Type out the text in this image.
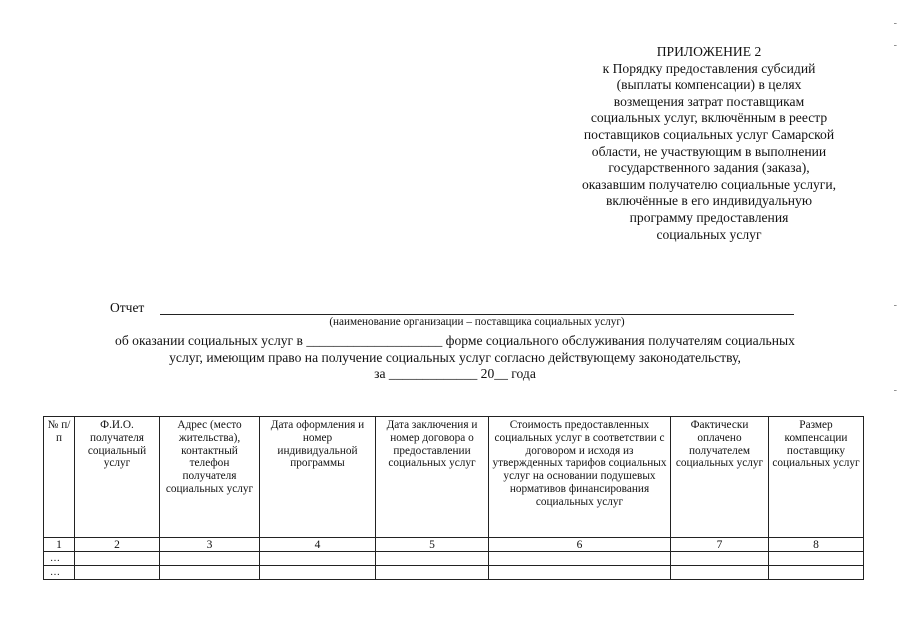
ПРИЛОЖЕНИЕ 2
к Порядку предоставления субсидий
(выплаты компенсации) в целях
возмещения затрат поставщикам
социальных услуг, включённым в реестр
поставщиков социальных услуг Самарской
области, не участвующим в выполнении
государственного задания (заказа),
оказавшим получателю социальные услуги,
включённые в его индивидуальную
программу предоставления
социальных услуг
-
-
-
-
Отчет
(наименование организации – поставщика социальных услуг)
об оказании социальных услуг в ____________________ форме социального обслуживания получателям социальных
услуг, имеющим право на получение социальных услуг согласно действующему законодательству,
за _____________ 20__ года
№ п/п	Ф.И.О. получателя социальный услуг	Адрес (место жительства), контактный телефон получателя социальных услуг	Дата оформления и номер индивидуальной программы	Дата заключения и номер договора о предоставлении социальных услуг	Стоимость предоставленных социальных услуг в соответствии с договором и исходя из утвержденных тарифов социальных услуг на основании подушевых нормативов финансирования социальных услуг	Фактически оплачено получателем социальных услуг	Размер компенсации поставщику социальных услуг
1	2	3	4	5	6	7	8
…							
…							
